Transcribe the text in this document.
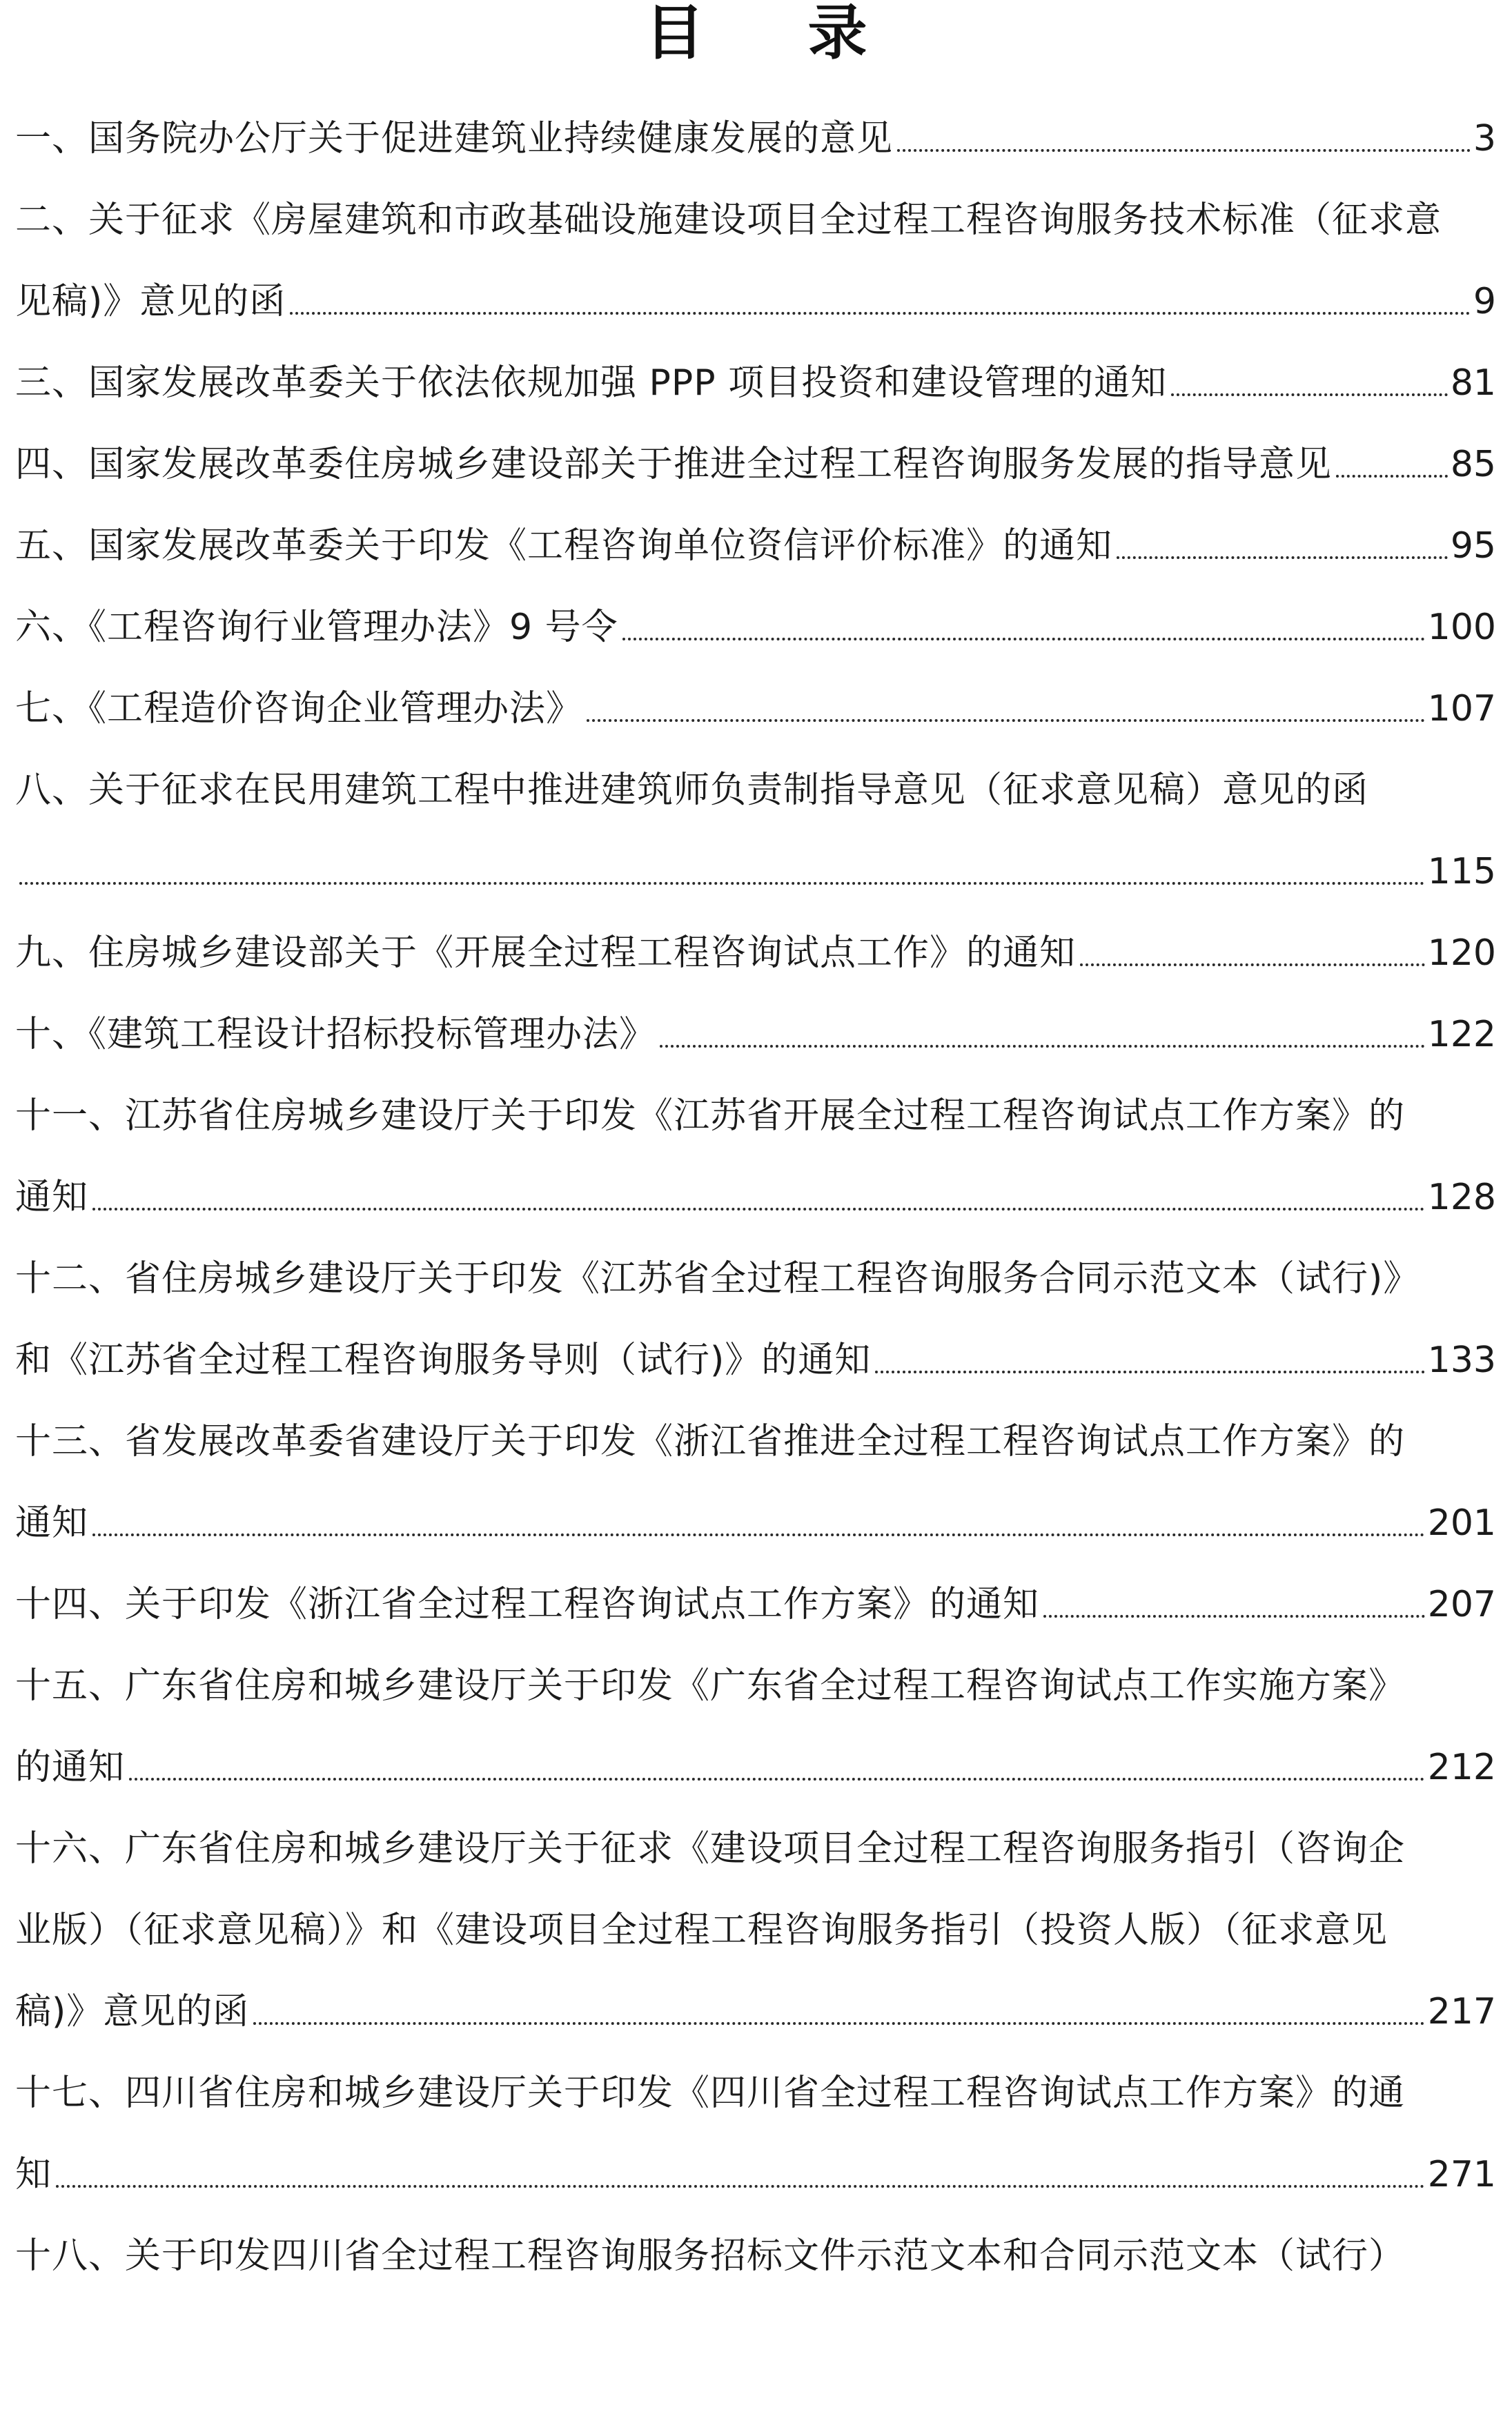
目 录
一、国务院办公厅关于促进建筑业持续健康发展的意见	3
二、关于征求《房屋建筑和市政基础设施建设项目全过程工程咨询服务技术标准（征求意
见稿)》意见的函	9
三、国家发展改革委关于依法依规加强 PPP 项目投资和建设管理的通知	81
四、国家发展改革委住房城乡建设部关于推进全过程工程咨询服务发展的指导意见	85
五、国家发展改革委关于印发《工程咨询单位资信评价标准》的通知	95
六、《工程咨询行业管理办法》9 号令	100
七、《工程造价咨询企业管理办法》	107
八、关于征求在民用建筑工程中推进建筑师负责制指导意见（征求意见稿）意见的函
115
九、住房城乡建设部关于《开展全过程工程咨询试点工作》的通知	120
十、《建筑工程设计招标投标管理办法》	122
十一、江苏省住房城乡建设厅关于印发《江苏省开展全过程工程咨询试点工作方案》的
通知	128
十二、省住房城乡建设厅关于印发《江苏省全过程工程咨询服务合同示范文本（试行)》
和《江苏省全过程工程咨询服务导则（试行)》的通知	133
十三、省发展改革委省建设厅关于印发《浙江省推进全过程工程咨询试点工作方案》的
通知	201
十四、关于印发《浙江省全过程工程咨询试点工作方案》的通知	207
十五、广东省住房和城乡建设厅关于印发《广东省全过程工程咨询试点工作实施方案》
的通知	212
十六、广东省住房和城乡建设厅关于征求《建设项目全过程工程咨询服务指引（咨询企
业版）（征求意见稿）》和《建设项目全过程工程咨询服务指引（投资人版）（征求意见
稿)》意见的函	217
十七、四川省住房和城乡建设厅关于印发《四川省全过程工程咨询试点工作方案》的通
知	271
十八、关于印发四川省全过程工程咨询服务招标文件示范文本和合同示范文本（试行）
